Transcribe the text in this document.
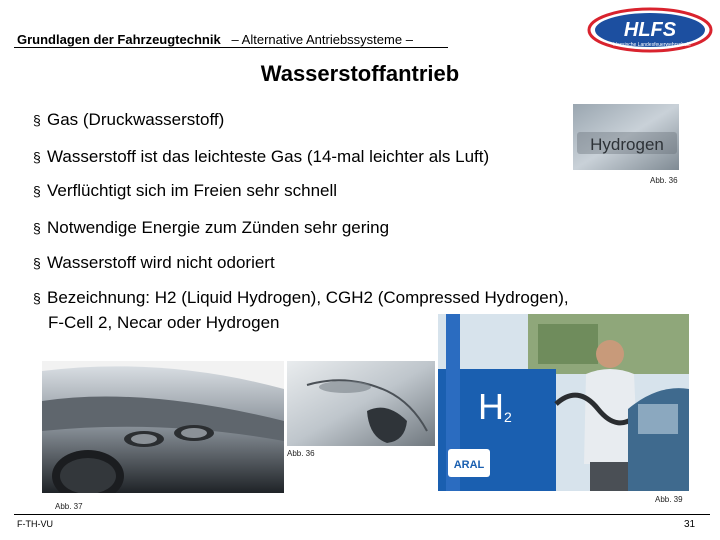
Grundlagen der Fahrzeugtechnik – Alternative Antriebssysteme –	HLFS
Hessische Landesfeuerwehrschule
Wasserstoffantrieb
§ Gas (Druckwasserstoff)
§ Wasserstoff ist das leichteste Gas (14-mal leichter als Luft)
§ Verflüchtigt sich im Freien sehr schnell
§ Notwendige Energie zum Zünden sehr gering
§ Wasserstoff wird nicht odoriert
§ Bezeichnung: H2 (Liquid Hydrogen), CGH2 (Compressed Hydrogen),
F-Cell 2, Necar oder Hydrogen
Hydrogen
Abb. 36
Abb. 37
Abb. 36
H 2
ARAL
Abb. 39
F-TH-VU	31
